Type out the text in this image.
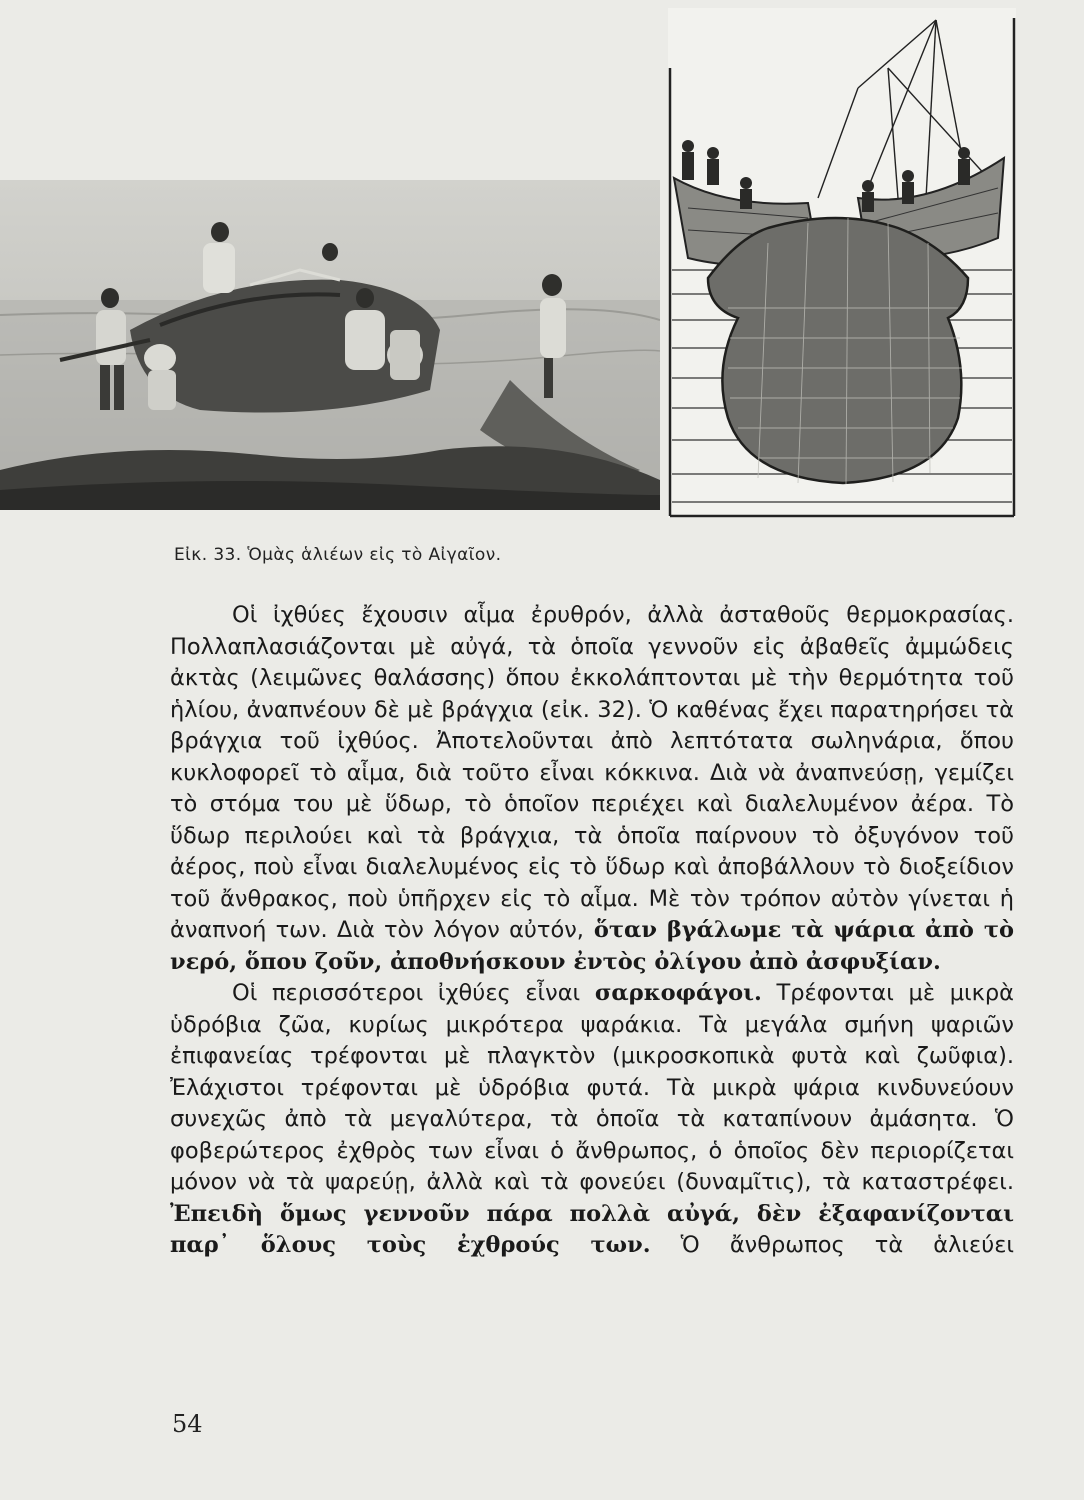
Εἰκ. 33. Ὁμὰς ἁλιέων εἰς τὸ Αἰγαῖον.

Οἱ ἰχθύες ἔχουσιν αἷμα ἐρυθρόν, ἀλλὰ ἀσταθοῦς θερμοκρασίας. Πολλαπλασιάζονται μὲ αὐγά, τὰ ὁποῖα γεννοῦν εἰς ἀβαθεῖς ἀμμώδεις ἀκτὰς (λειμῶνες θαλάσσης) ὅπου ἐκκολάπτονται μὲ τὴν θερμότητα τοῦ ἡλίου, ἀναπνέουν δὲ μὲ βράγχια (εἰκ. 32). Ὁ καθένας ἔχει παρατηρήσει τὰ βράγχια τοῦ ἰχθύος. Ἀποτελοῦνται ἀπὸ λεπτότατα σωληνάρια, ὅπου κυκλοφορεῖ τὸ αἷμα, διὰ τοῦτο εἶναι κόκκινα. Διὰ νὰ ἀναπνεύσῃ, γεμίζει τὸ στόμα του μὲ ὕδωρ, τὸ ὁποῖον περιέχει καὶ διαλελυμένον ἀέρα. Τὸ ὕδωρ περιλούει καὶ τὰ βράγχια, τὰ ὁποῖα παίρνουν τὸ ὀξυγόνον τοῦ ἀέρος, ποὺ εἶναι διαλελυμένος εἰς τὸ ὕδωρ καὶ ἀποβάλλουν τὸ διοξείδιον τοῦ ἄνθρακος, ποὺ ὑπῆρχεν εἰς τὸ αἷμα. Μὲ τὸν τρόπον αὐτὸν γίνεται ἡ ἀναπνοή των. Διὰ τὸν λόγον αὐτόν, ὅταν βγάλωμε τὰ ψάρια ἀπὸ τὸ νερό, ὅπου ζοῦν, ἀποθνήσκουν ἐντὸς ὀλίγου ἀπὸ ἀσφυξίαν.

Οἱ περισσότεροι ἰχθύες εἶναι σαρκοφάγοι. Τρέφονται μὲ μικρὰ ὑδρόβια ζῶα, κυρίως μικρότερα ψαράκια. Τὰ μεγάλα σμήνη ψαριῶν ἐπιφανείας τρέφονται μὲ πλαγκτὸν (μικροσκοπικὰ φυτὰ καὶ ζωῦφια). Ἐλάχιστοι τρέφονται μὲ ὑδρόβια φυτά. Τὰ μικρὰ ψάρια κινδυνεύουν συνεχῶς ἀπὸ τὰ μεγαλύτερα, τὰ ὁποῖα τὰ καταπίνουν ἀμάσητα. Ὁ φοβερώτερος ἐχθρὸς των εἶναι ὁ ἄνθρωπος, ὁ ὁποῖος δὲν περιορίζεται μόνον νὰ τὰ ψαρεύῃ, ἀλλὰ καὶ τὰ φονεύει (δυναμῖτις), τὰ καταστρέφει. Ἐπειδὴ ὅμως γεννοῦν πάρα πολλὰ αὐγά, δὲν ἐξαφανίζονται παρ᾽ ὅλους τοὺς ἐχθρούς των. Ὁ ἄνθρωπος τὰ ἁλιεύει

54
